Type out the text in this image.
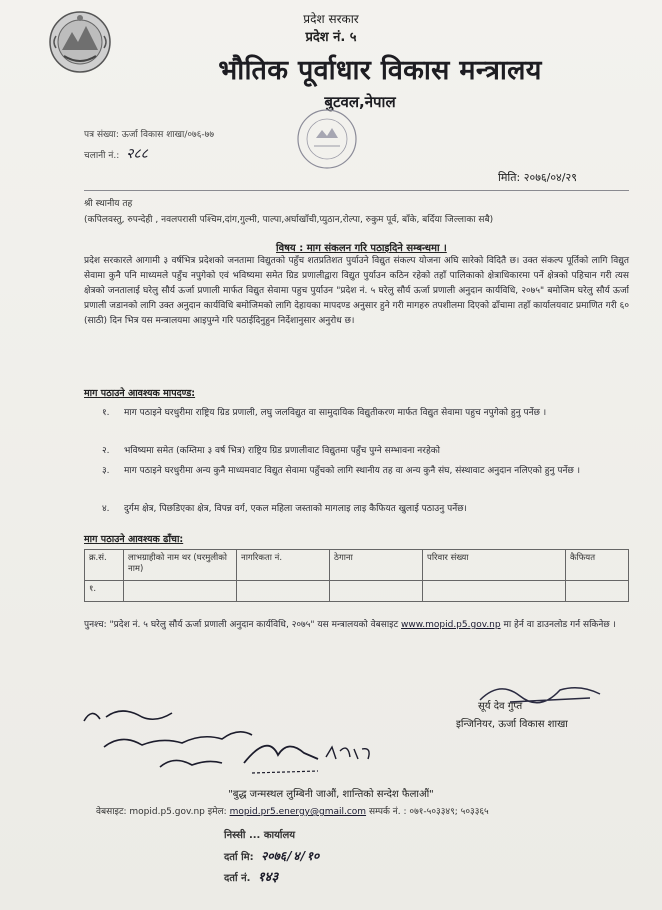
प्रदेश सरकार
प्रदेश नं. ५
भौतिक पूर्वाधार विकास मन्त्रालय
बुटवल,नेपाल
पत्र संख्या: ऊर्जा विकास शाखा/०७६-७७
चलानी नं.: २८८
मिति: २०७६/०४/२९
श्री स्थानीय तह
(कपिलवस्तु, रुपन्देही , नवलपरासी पश्चिम,दांग,गुल्मी, पाल्पा,अर्घाखाँची,प्युठान,रोल्पा, रुकुम पूर्व, बाँके, बर्दिया जिल्लाका सबै)
विषय : माग संकलन गरि पठाइदिने सम्बन्धमा ।
प्रदेश सरकारले आगामी ३ वर्षभित्र प्रदेशको जनतामा विद्युतको पहुँच शतप्रतिशत पुर्याउने विद्युत संकल्प योजना अघि सारेको विदितै छ। उक्त संकल्प पूर्तिको लागि विद्युत सेवामा कुनै पनि माध्यमले पहुँच नपुगेको एवं भविष्यमा समेत ग्रिड प्रणालीद्वारा विद्युत पुर्याउन कठिन रहेको तहाँ पालिकाको क्षेत्राधिकारमा पर्ने क्षेत्रको पहिचान गरी त्यस क्षेत्रको जनतालाई घरेलु सौर्य ऊर्जा प्रणाली मार्फत विद्युत सेवामा पहुच पुर्याउन "प्रदेश नं. ५ घरेलु सौर्य ऊर्जा प्रणाली अनुदान कार्यविधि, २०७५" बमोजिम घरेलु सौर्य ऊर्जा प्रणाली जडानको लागि उक्त अनुदान कार्यविधि बमोजिमको लागि देहायका मापदण्ड अनुसार हुने गरी मागहरु तपशीलमा दिएको ढाँचामा तहाँ कार्यालयवाट प्रमाणित गरी ६० (साठी) दिन भित्र यस मन्त्रालयमा आइपुग्ने गरि पठाईदिनुहुन निर्देशानुसार अनुरोध छ।
माग पठाउने आवश्यक मापदण्ड:
१. माग पठाइने घरधुरीमा राष्ट्रिय ग्रिड प्रणाली, लघु जलविद्युत वा सामुदायिक विद्युतीकरण मार्फत विद्युत सेवामा पहुच नपुगेको हुनु पर्नेछ ।
२. भविष्यमा समेत (कम्तिमा ३ वर्ष भित्र) राष्ट्रिय ग्रिड प्रणालीवाट विद्युतमा पहुँच पुग्ने सम्भावना नरहेको
३. माग पठाइने घरधुरीमा अन्य कुनै माध्यमवाट विद्युत सेवामा पहुँचको लागि स्थानीय तह वा अन्य कुनै संघ, संस्थावाट अनुदान नलिएको हुनु पर्नेछ ।
४. दुर्गम क्षेत्र, पिछडिएका क्षेत्र, विपन्न वर्ग, एकल महिला जस्ताको मागलाइ लाइ कैफियत खुलाई पठाउनु पर्नेछ।
माग पठाउने आवश्यक ढाँचा:
क्र.सं.	लाभग्राहीको नाम थर (घरमुलीको नाम)	नागरिकता नं.	ठेगाना	परिवार संख्या	कैफियत
१.					
पुनश्च: "प्रदेश नं. ५ घरेलु सौर्य ऊर्जा प्रणाली अनुदान कार्यविधि, २०७५" यस मन्त्रालयको वेबसाइट www.mopid.p5.gov.np मा हेर्न वा डाउनलोड गर्न सकिनेछ ।
सूर्य देव गुप्त
इन्जिनियर, ऊर्जा विकास शाखा
"बुद्ध जन्मस्थल लुम्बिनी जाऔं, शान्तिको सन्देश फैलाऔं"
वेबसाइट: mopid.p5.gov.np इमेल: mopid.pr5.energy@gmail.com सम्पर्क नं. : ०७१-५०३३४९; ५०३३६५
निस्सी ... कार्यालय
दर्ता मि: २०७६/४/१०
दर्ता नं. १४३
